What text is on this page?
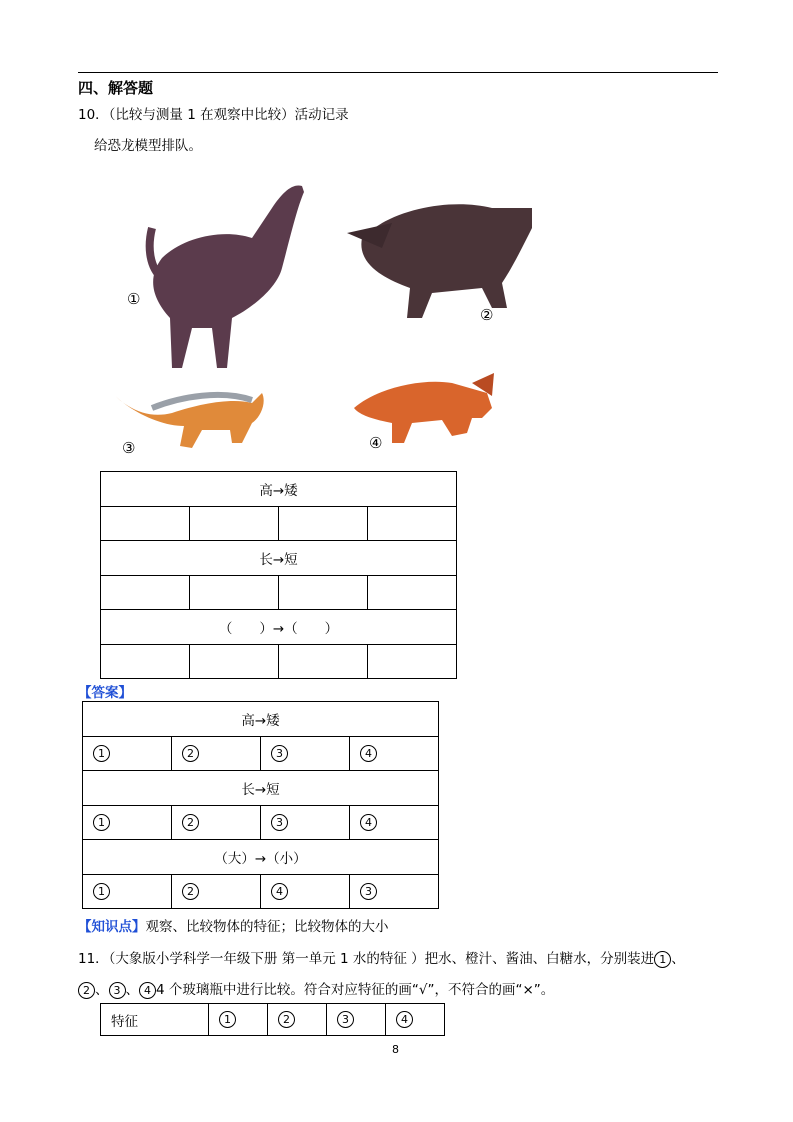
四、解答题
10．（比较与测量 1 在观察中比较）活动记录
给恐龙模型排队。
①
②
③	④
高→矮			

长→短			

（　　）→（　　）			

【答案】
高→矮			
1	2	3	4
长→短			
1	2	3	4
（大）→（小）			
1	2	4	3
【知识点】观察、比较物体的特征；比较物体的大小
11．（大象版小学科学一年级下册 第一单元 1 水的特征 ）把水、橙汁、酱油、白糖水，分别装进 1 、
2 、 3 、 4 4 个玻璃瓶中进行比较。符合对应特征的画“√”，不符合的画“×”。
特征	1	2	3	4
8
